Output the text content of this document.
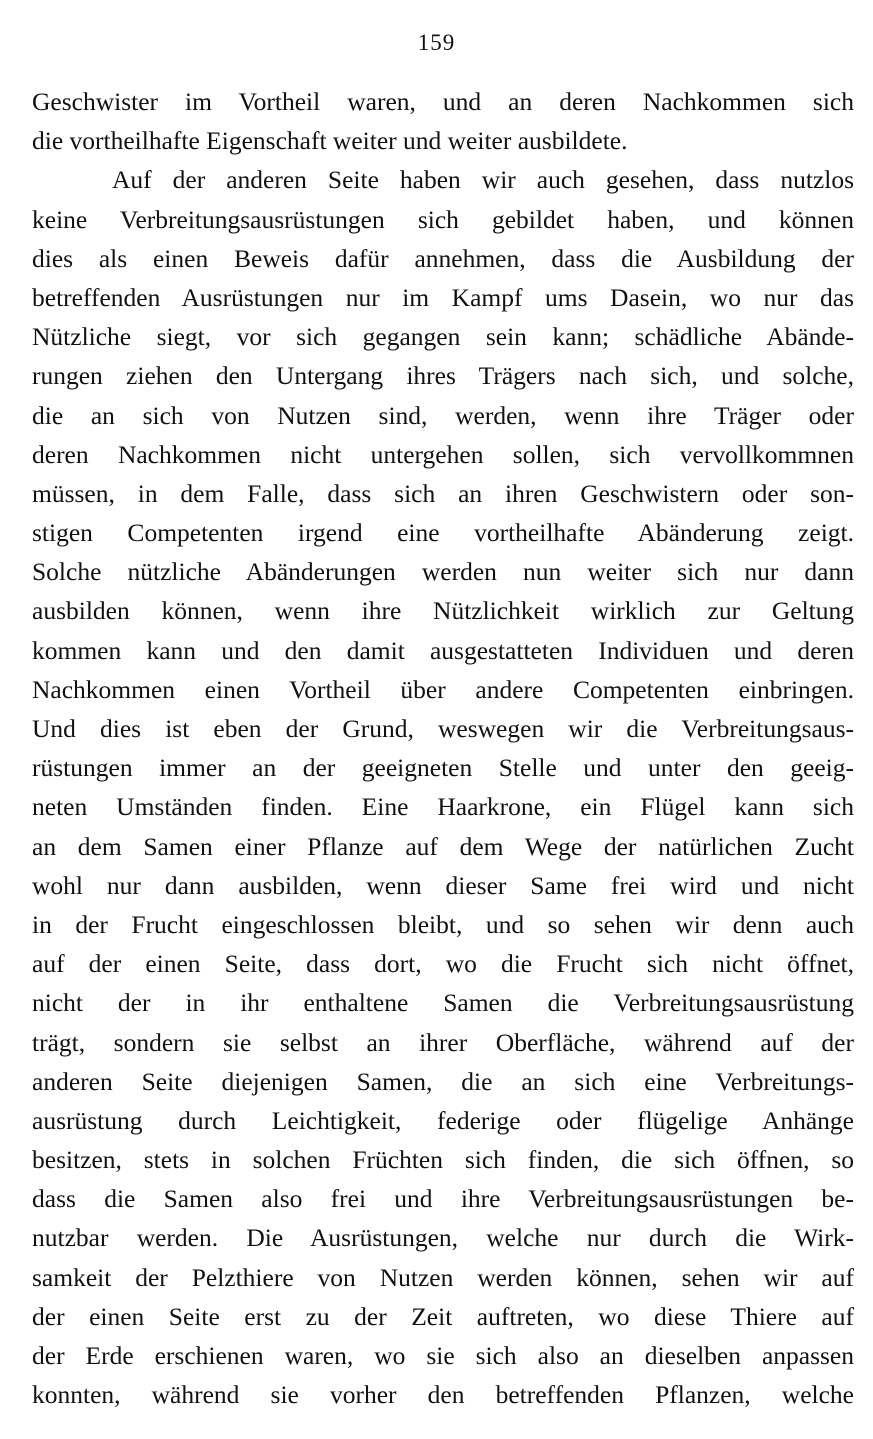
159
Geschwister im Vortheil waren, und an deren Nachkommen sich
die vortheilhafte Eigenschaft weiter und weiter ausbildete.
Auf der anderen Seite haben wir auch gesehen, dass nutzlos
keine Verbreitungsausrüstungen sich gebildet haben, und können
dies als einen Beweis dafür annehmen, dass die Ausbildung der
betreffenden Ausrüstungen nur im Kampf ums Dasein, wo nur das
Nützliche siegt, vor sich gegangen sein kann; schädliche Abände-
rungen ziehen den Untergang ihres Trägers nach sich, und solche,
die an sich von Nutzen sind, werden, wenn ihre Träger oder
deren Nachkommen nicht untergehen sollen, sich vervollkommnen
müssen, in dem Falle, dass sich an ihren Geschwistern oder son-
stigen Competenten irgend eine vortheilhafte Abänderung zeigt.
Solche nützliche Abänderungen werden nun weiter sich nur dann
ausbilden können, wenn ihre Nützlichkeit wirklich zur Geltung
kommen kann und den damit ausgestatteten Individuen und deren
Nachkommen einen Vortheil über andere Competenten einbringen.
Und dies ist eben der Grund, weswegen wir die Verbreitungsaus-
rüstungen immer an der geeigneten Stelle und unter den geeig-
neten Umständen finden. Eine Haarkrone, ein Flügel kann sich
an dem Samen einer Pflanze auf dem Wege der natürlichen Zucht
wohl nur dann ausbilden, wenn dieser Same frei wird und nicht
in der Frucht eingeschlossen bleibt, und so sehen wir denn auch
auf der einen Seite, dass dort, wo die Frucht sich nicht öffnet,
nicht der in ihr enthaltene Samen die Verbreitungsausrüstung
trägt, sondern sie selbst an ihrer Oberfläche, während auf der
anderen Seite diejenigen Samen, die an sich eine Verbreitungs-
ausrüstung durch Leichtigkeit, federige oder flügelige Anhänge
besitzen, stets in solchen Früchten sich finden, die sich öffnen, so
dass die Samen also frei und ihre Verbreitungsausrüstungen be-
nutzbar werden. Die Ausrüstungen, welche nur durch die Wirk-
samkeit der Pelzthiere von Nutzen werden können, sehen wir auf
der einen Seite erst zu der Zeit auftreten, wo diese Thiere auf
der Erde erschienen waren, wo sie sich also an dieselben anpassen
konnten, während sie vorher den betreffenden Pflanzen, welche
